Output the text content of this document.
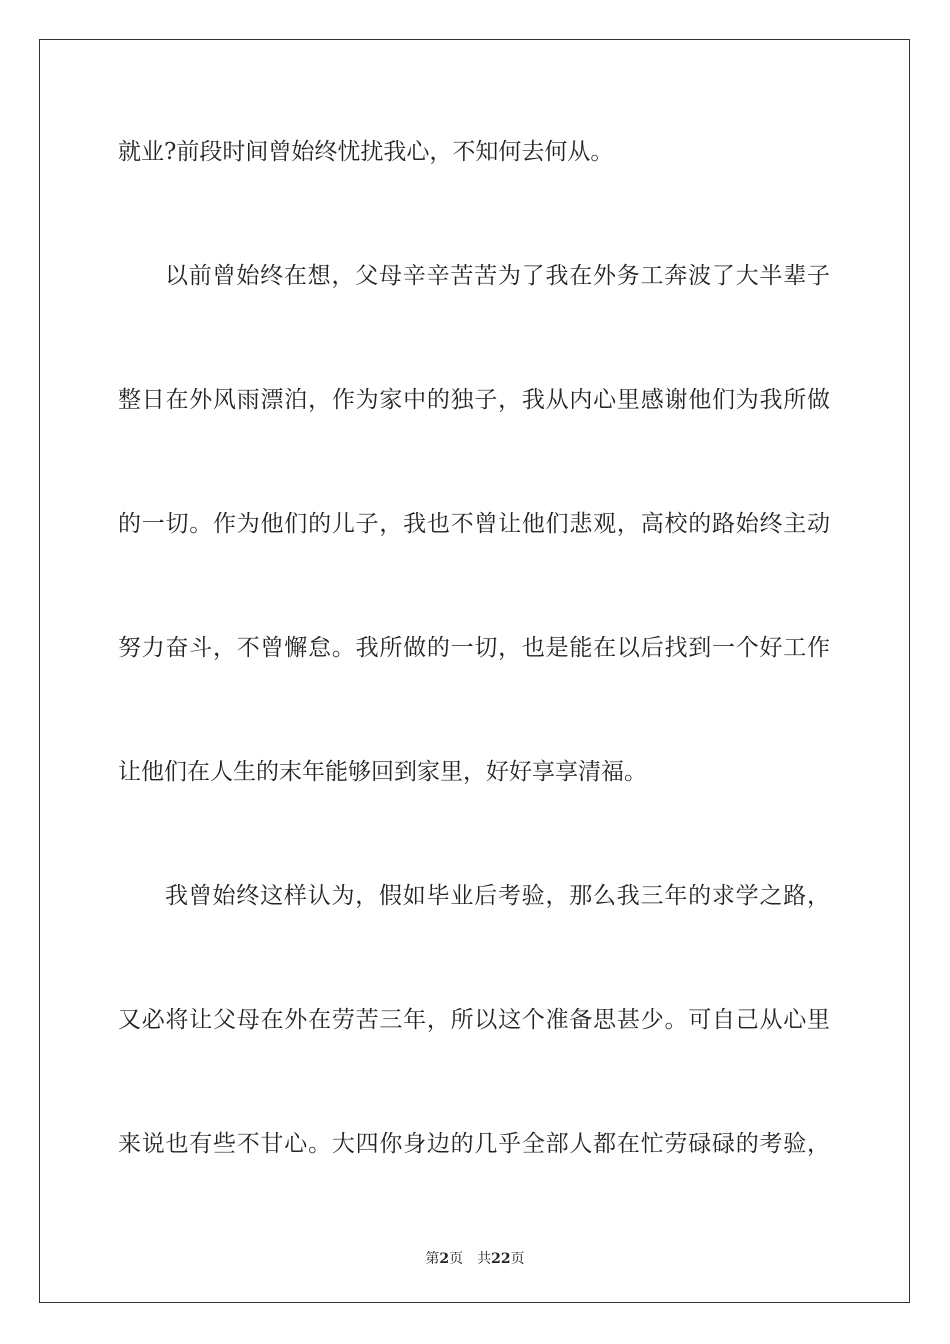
就业?前段时间曾始终忧扰我心，不知何去何从。

以前曾始终在想，父母辛辛苦苦为了我在外务工奔波了大半辈子

整日在外风雨漂泊，作为家中的独子，我从内心里感谢他们为我所做

的一切。作为他们的儿子，我也不曾让他们悲观，高校的路始终主动

努力奋斗，不曾懈怠。我所做的一切，也是能在以后找到一个好工作

让他们在人生的末年能够回到家里，好好享享清福。

我曾始终这样认为，假如毕业后考验，那么我三年的求学之路，

又必将让父母在外在劳苦三年，所以这个准备思甚少。可自己从心里

来说也有些不甘心。大四你身边的几乎全部人都在忙劳碌碌的考验，

第2页 共22页
